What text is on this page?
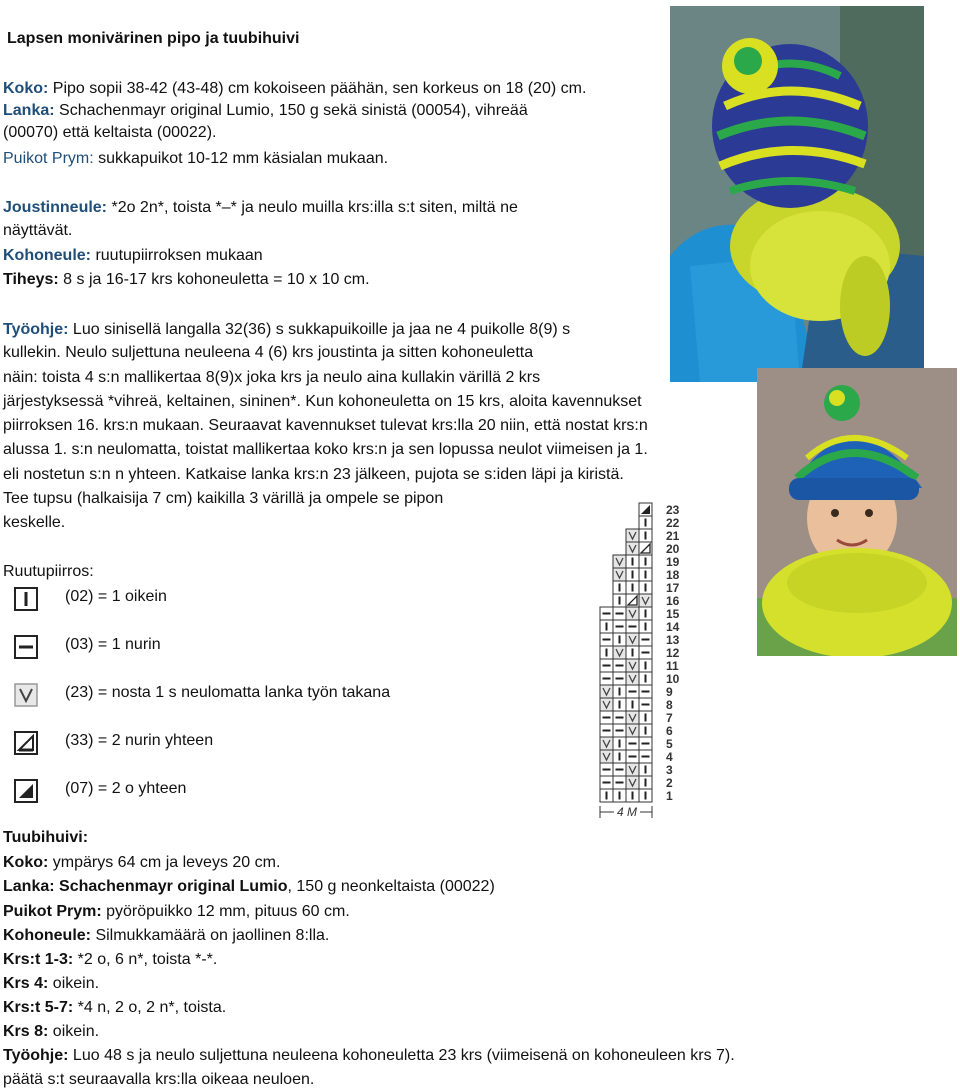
Lapsen monivärinen pipo ja tuubihuivi
Koko: Pipo sopii 38-42 (43-48) cm kokoiseen päähän, sen korkeus on 18 (20) cm.
Lanka: Schachenmayr original Lumio, 150 g sekä sinistä (00054), vihreää
(00070) että keltaista (00022).
Puikot Prym: sukkapuikot 10-12 mm käsialan mukaan.
Joustinneule: *2o 2n*, toista *–* ja neulo muilla krs:illa s:t siten, miltä ne
näyttävät.
Kohoneule: ruutupiirroksen mukaan
Tiheys: 8 s ja 16-17 krs kohoneuletta = 10 x 10 cm.
Työohje: Luo sinisellä langalla 32(36) s sukkapuikoille ja jaa ne 4 puikolle 8(9) s
kullekin. Neulo suljettuna neuleena 4 (6) krs joustinta ja sitten kohoneuletta
näin: toista 4 s:n mallikertaa 8(9)x joka krs ja neulo aina kullakin värillä 2 krs
järjestyksessä *vihreä, keltainen, sininen*. Kun kohoneuletta on 15 krs, aloita kavennukset
piirroksen 16. krs:n mukaan. Seuraavat kavennukset tulevat krs:lla 20 niin, että nostat krs:n
alussa 1. s:n neulomatta, toistat mallikertaa koko krs:n ja sen lopussa neulot viimeisen ja 1.
eli nostetun s:n n yhteen. Katkaise lanka krs:n 23 jälkeen, pujota se s:iden läpi ja kiristä.
Tee tupsu (halkaisija 7 cm) kaikilla 3 värillä ja ompele se pipon
keskelle.
Ruutupiirros:
(02) = 1 oikein
(03) = 1 nurin
(23) = nosta 1 s neulomatta lanka työn takana
(33) = 2 nurin yhteen
(07) = 2 o yhteen
Tuubihuivi:
Koko: ympärys 64 cm ja leveys 20 cm.
Lanka: Schachenmayr original Lumio, 150 g neonkeltaista (00022)
Puikot Prym: pyöröpuikko 12 mm, pituus 60 cm.
Kohoneule: Silmukkamäärä on jaollinen 8:lla.
Krs:t 1-3: *2 o, 6 n*, toista *-*.
Krs 4: oikein.
Krs:t 5-7: *4 n, 2 o, 2 n*, toista.
Krs 8: oikein.
Työohje: Luo 48 s ja neulo suljettuna neuleena kohoneuletta 23 krs (viimeisenä on kohoneuleen krs 7).
päätä s:t seuraavalla krs:lla oikeaa neuloen.
23
22
21
20
19
18
17
16
15
14
13
12
11
10
9
8
7
6
5
4
3
2
1
4 M
